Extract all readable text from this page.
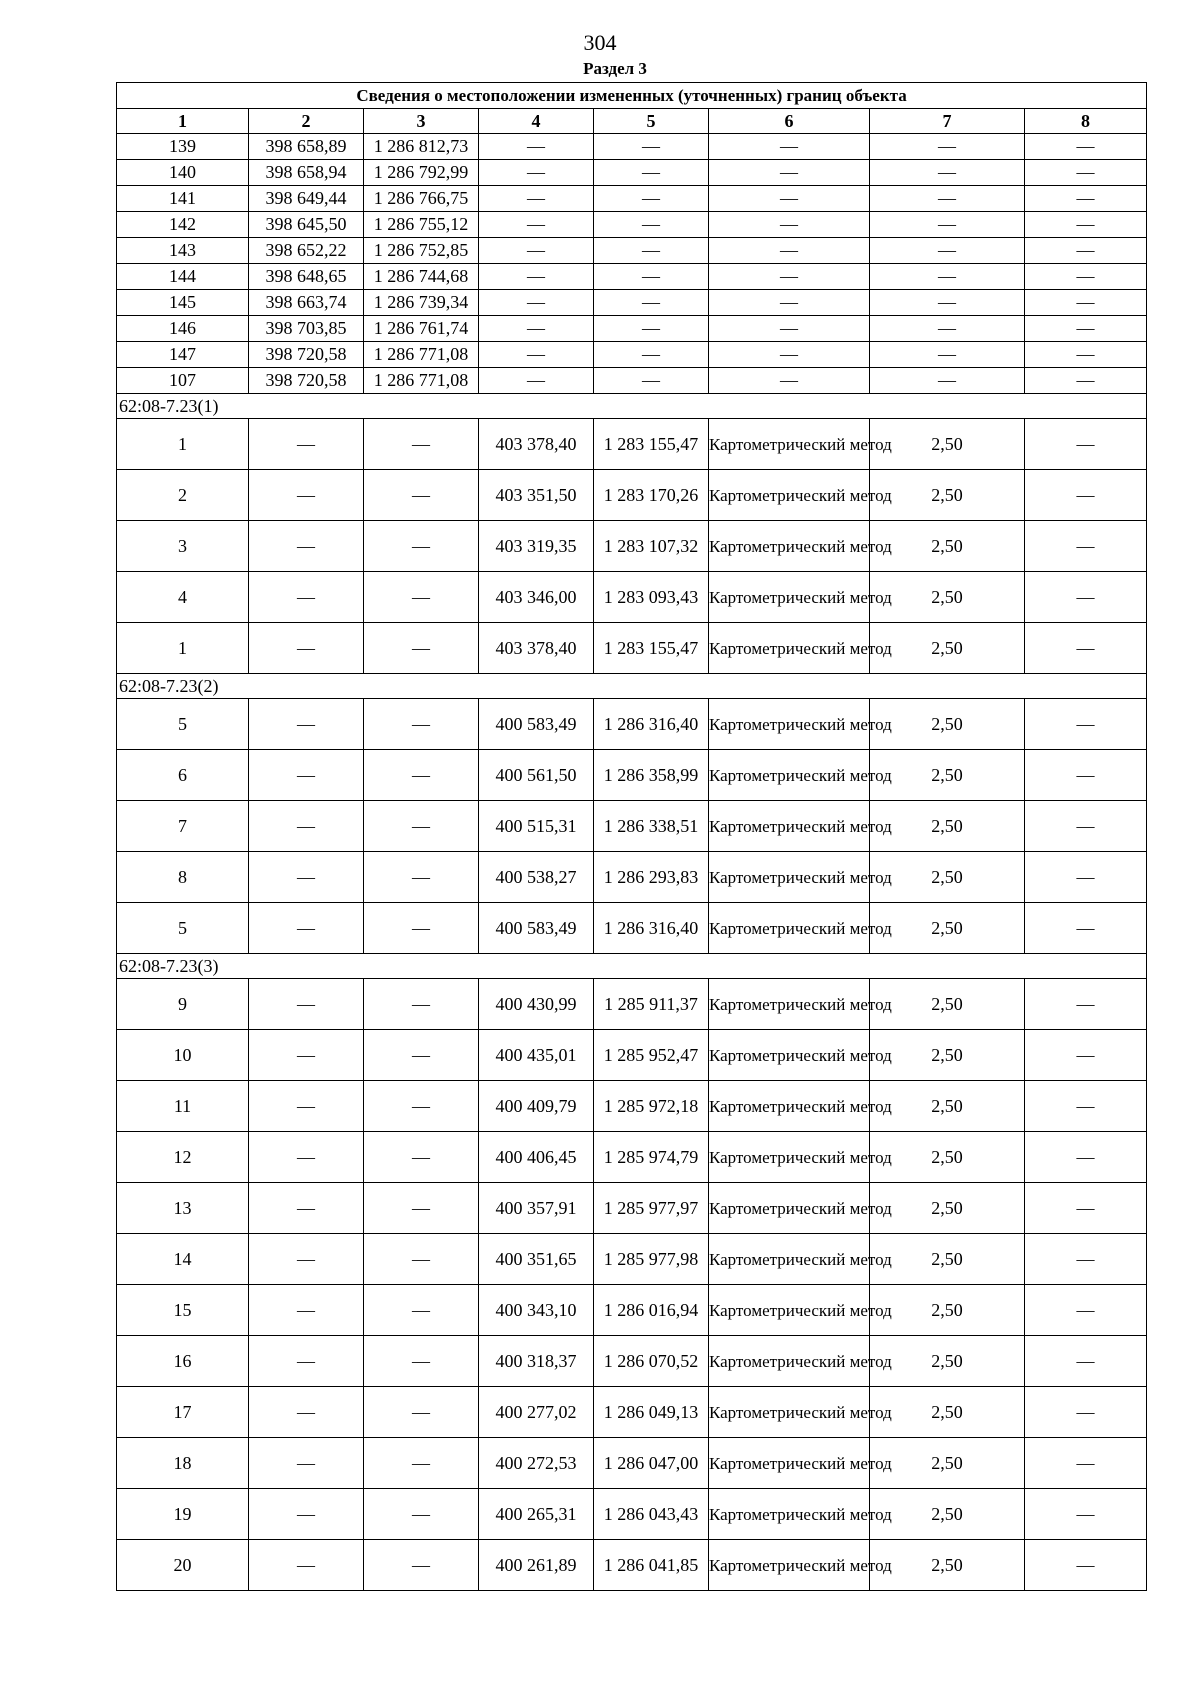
304
Раздел 3
Сведения о местоположении измененных (уточненных) границ объекта							
1	2	3	4	5	6	7	8
139	398 658,89	1 286 812,73	—	—	—	—	—
140	398 658,94	1 286 792,99	—	—	—	—	—
141	398 649,44	1 286 766,75	—	—	—	—	—
142	398 645,50	1 286 755,12	—	—	—	—	—
143	398 652,22	1 286 752,85	—	—	—	—	—
144	398 648,65	1 286 744,68	—	—	—	—	—
145	398 663,74	1 286 739,34	—	—	—	—	—
146	398 703,85	1 286 761,74	—	—	—	—	—
147	398 720,58	1 286 771,08	—	—	—	—	—
107	398 720,58	1 286 771,08	—	—	—	—	—
62:08-7.23(1)							
1	—	—	403 378,40	1 283 155,47	Картометрический метод	2,50	—
2	—	—	403 351,50	1 283 170,26	Картометрический метод	2,50	—
3	—	—	403 319,35	1 283 107,32	Картометрический метод	2,50	—
4	—	—	403 346,00	1 283 093,43	Картометрический метод	2,50	—
1	—	—	403 378,40	1 283 155,47	Картометрический метод	2,50	—
62:08-7.23(2)							
5	—	—	400 583,49	1 286 316,40	Картометрический метод	2,50	—
6	—	—	400 561,50	1 286 358,99	Картометрический метод	2,50	—
7	—	—	400 515,31	1 286 338,51	Картометрический метод	2,50	—
8	—	—	400 538,27	1 286 293,83	Картометрический метод	2,50	—
5	—	—	400 583,49	1 286 316,40	Картометрический метод	2,50	—
62:08-7.23(3)							
9	—	—	400 430,99	1 285 911,37	Картометрический метод	2,50	—
10	—	—	400 435,01	1 285 952,47	Картометрический метод	2,50	—
11	—	—	400 409,79	1 285 972,18	Картометрический метод	2,50	—
12	—	—	400 406,45	1 285 974,79	Картометрический метод	2,50	—
13	—	—	400 357,91	1 285 977,97	Картометрический метод	2,50	—
14	—	—	400 351,65	1 285 977,98	Картометрический метод	2,50	—
15	—	—	400 343,10	1 286 016,94	Картометрический метод	2,50	—
16	—	—	400 318,37	1 286 070,52	Картометрический метод	2,50	—
17	—	—	400 277,02	1 286 049,13	Картометрический метод	2,50	—
18	—	—	400 272,53	1 286 047,00	Картометрический метод	2,50	—
19	—	—	400 265,31	1 286 043,43	Картометрический метод	2,50	—
20	—	—	400 261,89	1 286 041,85	Картометрический метод	2,50	—
